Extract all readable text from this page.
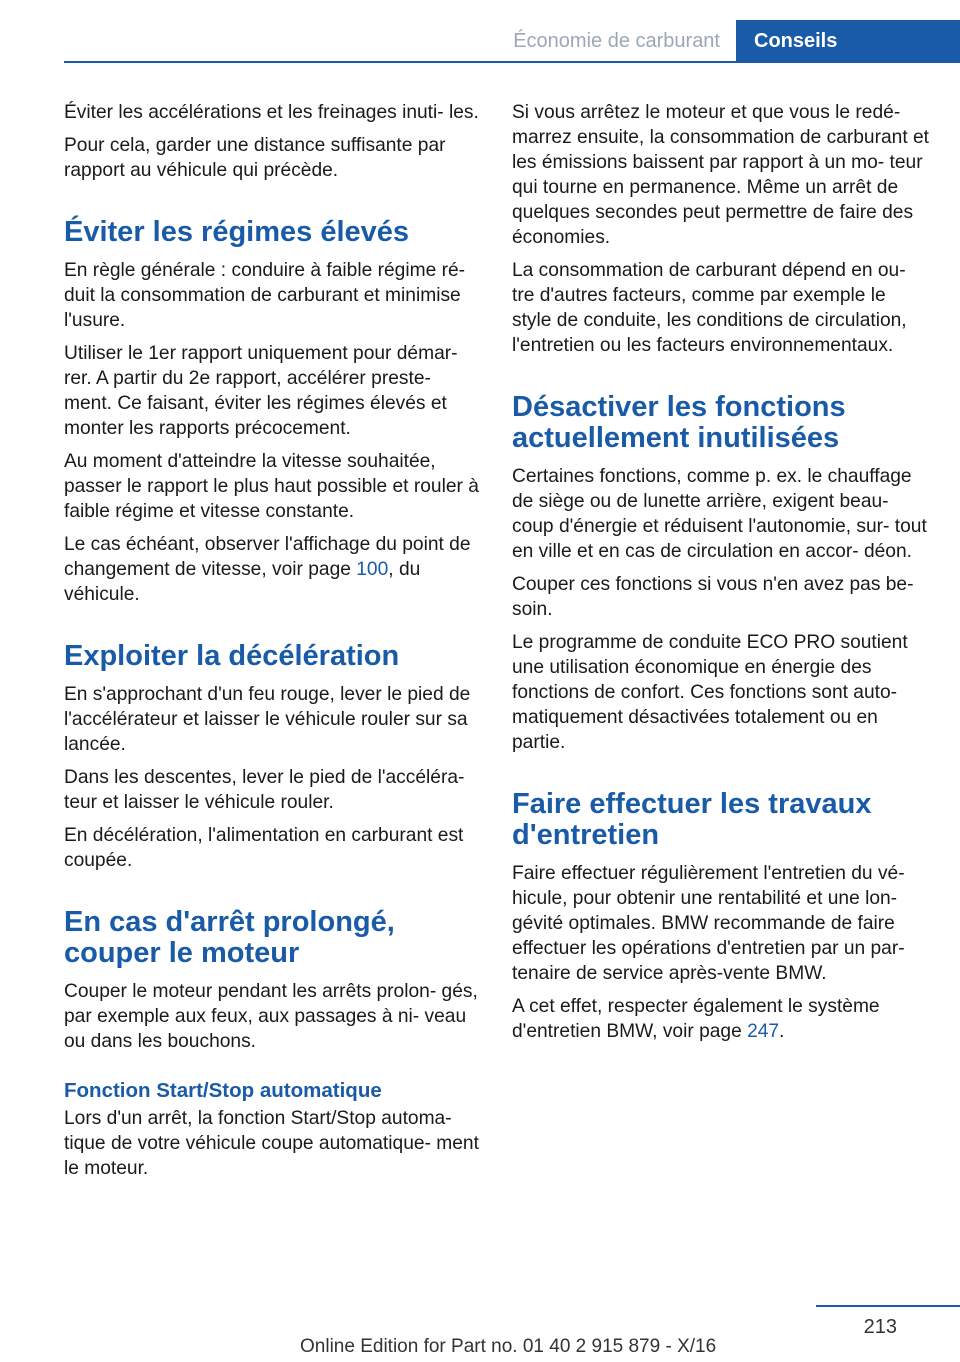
Économie de carburant Conseils

Éviter les accélérations et les freinages inuti‐ les.

Pour cela, garder une distance suffisante par rapport au véhicule qui précède.

Éviter les régimes élevés

En règle générale : conduire à faible régime ré‐ duit la consommation de carburant et minimise l'usure.

Utiliser le 1er rapport uniquement pour démar‐ rer. A partir du 2e rapport, accélérer preste‐ ment. Ce faisant, éviter les régimes élevés et monter les rapports précocement.

Au moment d'atteindre la vitesse souhaitée, passer le rapport le plus haut possible et rouler à faible régime et vitesse constante.

Le cas échéant, observer l'affichage du point de changement de vitesse, voir page 100, du véhicule.

Exploiter la décélération

En s'approchant d'un feu rouge, lever le pied de l'accélérateur et laisser le véhicule rouler sur sa lancée.

Dans les descentes, lever le pied de l'accéléra‐ teur et laisser le véhicule rouler.

En décélération, l'alimentation en carburant est coupée.

En cas d'arrêt prolongé, couper le moteur

Couper le moteur pendant les arrêts prolon‐ gés, par exemple aux feux, aux passages à ni‐ veau ou dans les bouchons.

Fonction Start/Stop automatique

Lors d'un arrêt, la fonction Start/Stop automa‐ tique de votre véhicule coupe automatique‐ ment le moteur.

Si vous arrêtez le moteur et que vous le redé‐ marrez ensuite, la consommation de carburant et les émissions baissent par rapport à un mo‐ teur qui tourne en permanence. Même un arrêt de quelques secondes peut permettre de faire des économies.

La consommation de carburant dépend en ou‐ tre d'autres facteurs, comme par exemple le style de conduite, les conditions de circulation, l'entretien ou les facteurs environnementaux.

Désactiver les fonctions actuellement inutilisées

Certaines fonctions, comme p. ex. le chauffage de siège ou de lunette arrière, exigent beau‐ coup d'énergie et réduisent l'autonomie, sur‐ tout en ville et en cas de circulation en accor‐ déon.

Couper ces fonctions si vous n'en avez pas be‐ soin.

Le programme de conduite ECO PRO soutient une utilisation économique en énergie des fonctions de confort. Ces fonctions sont auto‐ matiquement désactivées totalement ou en partie.

Faire effectuer les travaux d'entretien

Faire effectuer régulièrement l'entretien du vé‐ hicule, pour obtenir une rentabilité et une lon‐ gévité optimales. BMW recommande de faire effectuer les opérations d'entretien par un par‐ tenaire de service après-vente BMW.

A cet effet, respecter également le système d'entretien BMW, voir page 247.

213
Online Edition for Part no. 01 40 2 915 879 - X/16
